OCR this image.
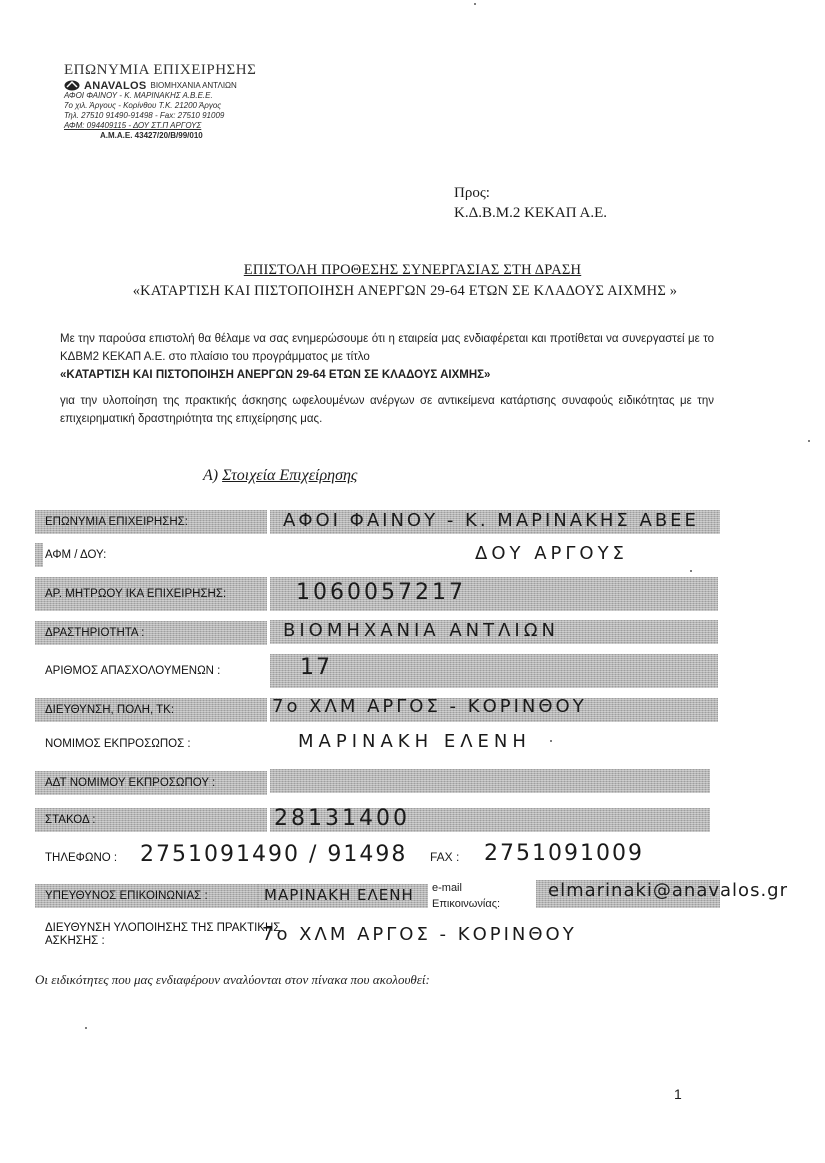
ΕΠΩΝΥΜΙΑ ΕΠΙΧΕΙΡΗΣΗΣ
ANAVALOS ΒΙΟΜΗΧΑΝΙΑ ΑΝΤΛΙΩΝ
ΑΦΟΙ ΦΑΙΝΟΥ - Κ. ΜΑΡΙΝΑΚΗΣ Α.Β.Ε.Ε.
7ο χιλ. Άργους - Κορίνθου Τ.Κ. 21200 Άργος
Τηλ. 27510 91490-91498 - Fax: 27510 91009
ΑΦΜ: 094409115 - ΔΟΥ ΣΤ.Π ΑΡΓΟΥΣ
Α.Μ.Α.Ε. 43427/20/Β/99/010
Προς:
Κ.Δ.Β.Μ.2 ΚΕΚΑΠ Α.Ε.
ΕΠΙΣΤΟΛΗ ΠΡΟΘΕΣΗΣ ΣΥΝΕΡΓΑΣΙΑΣ ΣΤΗ ΔΡΑΣΗ
«ΚΑΤΑΡΤΙΣΗ ΚΑΙ ΠΙΣΤΟΠΟΙΗΣΗ ΑΝΕΡΓΩΝ 29-64 ΕΤΩΝ ΣΕ ΚΛΑΔΟΥΣ ΑΙΧΜΗΣ »
Με την παρούσα επιστολή θα θέλαμε να σας ενημερώσουμε ότι η εταιρεία μας ενδιαφέρεται και προτίθεται να συνεργαστεί με το ΚΔΒΜ2 ΚΕΚΑΠ Α.Ε. στο πλαίσιο του προγράμματος με τίτλο
«ΚΑΤΑΡΤΙΣΗ ΚΑΙ ΠΙΣΤΟΠΟΙΗΣΗ ΑΝΕΡΓΩΝ 29-64 ΕΤΩΝ ΣΕ ΚΛΑΔΟΥΣ ΑΙΧΜΗΣ»
για την υλοποίηση της πρακτικής άσκησης ωφελουμένων ανέργων σε αντικείμενα κατάρτισης συναφούς ειδικότητας με την επιχειρηματική δραστηριότητα της επιχείρησης μας.
Α) Στοιχεία Επιχείρησης
ΕΠΩΝΥΜΙΑ ΕΠΙΧΕΙΡΗΣΗΣ:	ΑΦΟΙ ΦΑΙΝΟΥ - Κ. ΜΑΡΙΝΑΚΗΣ ΑΒΕΕ
ΑΦΜ / ΔΟΥ:	ΔΟΥ ΑΡΓΟΥΣ
ΑΡ. ΜΗΤΡΩΟΥ ΙΚΑ ΕΠΙΧΕΙΡΗΣΗΣ:	1060057217
ΔΡΑΣΤΗΡΙΟΤΗΤΑ :	ΒΙΟΜΗΧΑΝΙΑ ΑΝΤΛΙΩΝ
ΑΡΙΘΜΟΣ ΑΠΑΣΧΟΛΟΥΜΕΝΩΝ :	17
ΔΙΕΥΘΥΝΣΗ, ΠΟΛΗ, ΤΚ:	7ο ΧΛΜ ΑΡΓΟΣ - ΚΟΡΙΝΘΟΥ
ΝΟΜΙΜΟΣ ΕΚΠΡΟΣΩΠΟΣ :	ΜΑΡΙΝΑΚΗ ΕΛΕΝΗ
ΑΔΤ ΝΟΜΙΜΟΥ ΕΚΠΡΟΣΩΠΟΥ :
ΣΤΑΚΟΔ :	28131400
ΤΗΛΕΦΩΝΟ :	2751091490 / 91498 FAX : 2751091009
ΥΠΕΥΘΥΝΟΣ ΕΠΙΚΟΙΝΩΝΙΑΣ :	ΜΑΡΙΝΑΚΗ ΕΛΕΝΗ e-mail
Επικοινωνίας:
elmarinaki@anavalos.gr
ΔΙΕΥΘΥΝΣΗ ΥΛΟΠΟΙΗΣΗΣ ΤΗΣ ΠΡΑΚΤΙΚΗΣ ΑΣΚΗΣΗΣ :	7ο ΧΛΜ ΑΡΓΟΣ - ΚΟΡΙΝΘΟΥ
Οι ειδικότητες που μας ενδιαφέρουν αναλύονται στον πίνακα που ακολουθεί:
1
